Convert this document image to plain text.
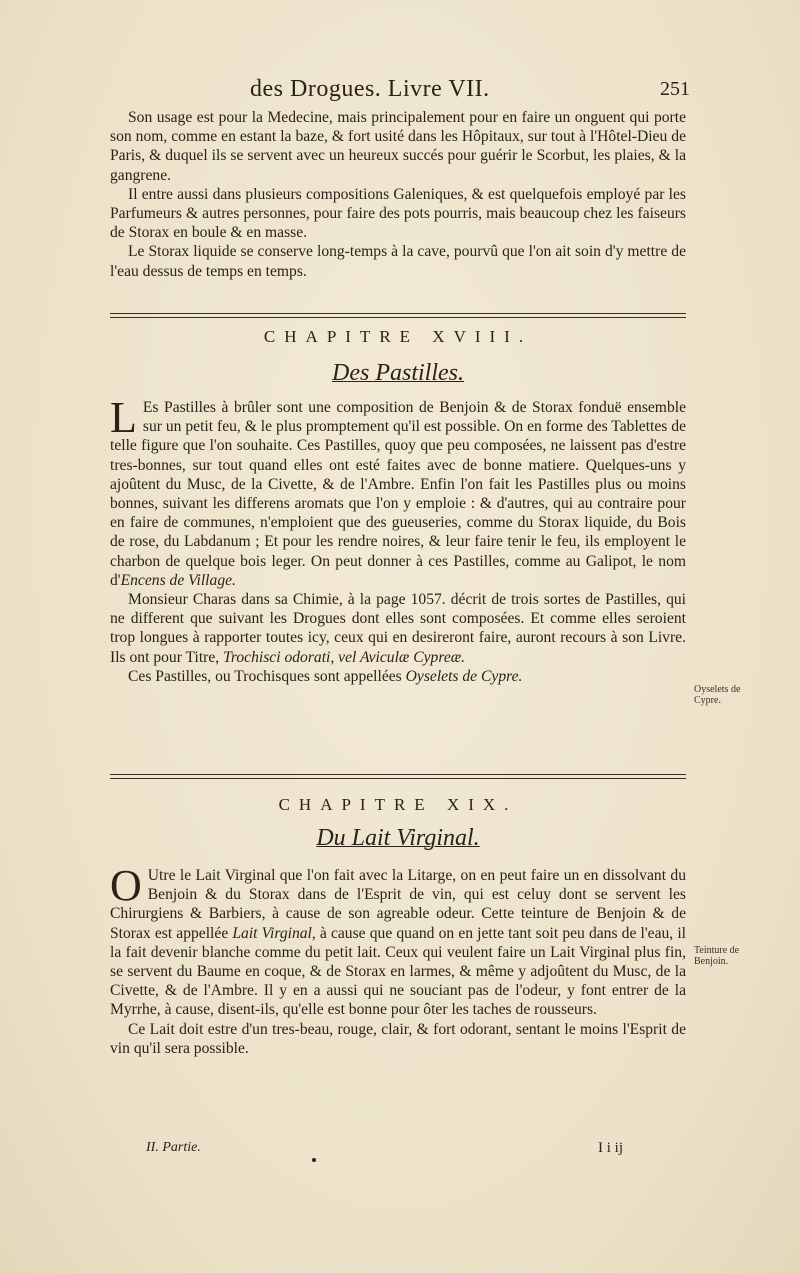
des Drogues. Livre VII.	251

Son usage est pour la Medecine, mais principalement pour en faire un onguent qui porte son nom, comme en estant la baze, & fort usité dans les Hôpitaux, sur tout à l'Hôtel-Dieu de Paris, & duquel ils se servent avec un heureux succés pour guérir le Scorbut, les plaies, & la gangrene.

Il entre aussi dans plusieurs compositions Galeniques, & est quelquefois employé par les Parfumeurs & autres personnes, pour faire des pots pourris, mais beaucoup chez les faiseurs de Storax en boule & en masse.

Le Storax liquide se conserve long-temps à la cave, pourvû que l'on ait soin d'y mettre de l'eau dessus de temps en temps.

CHAPITRE XVIII.
Des Pastilles.

L Es Pastilles à brûler sont une composition de Benjoin & de Storax fonduë ensemble sur un petit feu, & le plus promptement qu'il est possible. On en forme des Tablettes de telle figure que l'on souhaite. Ces Pastilles, quoy que peu composées, ne laissent pas d'estre tres-bonnes, sur tout quand elles ont esté faites avec de bonne matiere. Quelques-uns y ajoûtent du Musc, de la Civette, & de l'Ambre. Enfin l'on fait les Pastilles plus ou moins bonnes, suivant les differens aromats que l'on y emploie : & d'autres, qui au contraire pour en faire de communes, n'emploient que des gueuseries, comme du Storax liquide, du Bois de rose, du Labdanum ; Et pour les rendre noires, & leur faire tenir le feu, ils employent le charbon de quelque bois leger. On peut donner à ces Pastilles, comme au Galipot, le nom d'Encens de Village.

Monsieur Charas dans sa Chimie, à la page 1057. décrit de trois sortes de Pastilles, qui ne different que suivant les Drogues dont elles sont composées. Et comme elles seroient trop longues à rapporter toutes icy, ceux qui en desireront faire, auront recours à son Livre. Ils ont pour Titre, Trochisci odorati, vel Aviculæ Cypreæ.

Ces Pastilles, ou Trochisques sont appellées Oyselets de Cypre.

Oyselets de Cypre.
CHAPITRE XIX.
Du Lait Virginal.

O Utre le Lait Virginal que l'on fait avec la Litarge, on en peut faire un en dissolvant du Benjoin & du Storax dans de l'Esprit de vin, qui est celuy dont se servent les Chirurgiens & Barbiers, à cause de son agreable odeur. Cette teinture de Benjoin & de Storax est appellée Lait Virginal, à cause que quand on en jette tant soit peu dans de l'eau, il la fait devenir blanche comme du petit lait. Ceux qui veulent faire un Lait Virginal plus fin, se servent du Baume en coque, & de Storax en larmes, & même y adjoûtent du Musc, de la Civette, & de l'Ambre. Il y en a aussi qui ne souciant pas de l'odeur, y font entrer de la Myrrhe, à cause, disent-ils, qu'elle est bonne pour ôter les taches de rousseurs.

Ce Lait doit estre d'un tres-beau, rouge, clair, & fort odorant, sentant le moins l'Esprit de vin qu'il sera possible.

Teinture de Benjoin.
II. Partie.	I i ij
